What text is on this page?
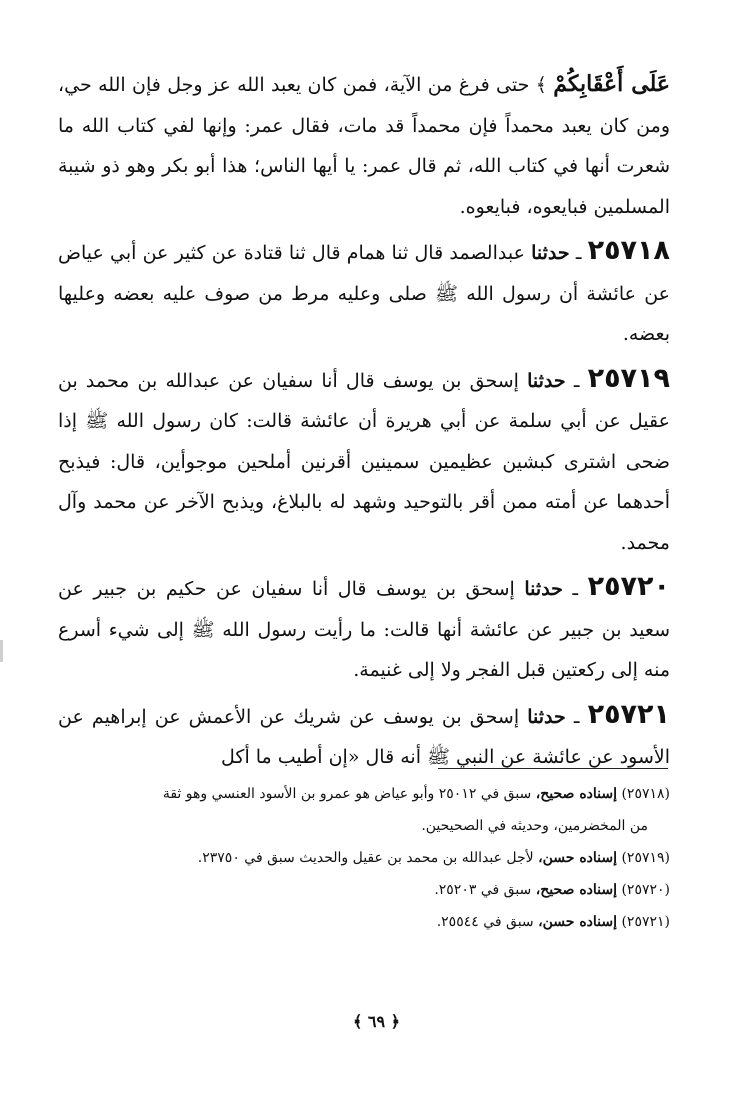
عَلَى أَعْقَابِكُمْ ﴾ حتى فرغ من الآية، فمن كان يعبد الله عز وجل فإن الله حي، ومن كان يعبد محمداً فإن محمداً قد مات، فقال عمر: وإنها لفي كتاب الله ما شعرت أنها في كتاب الله، ثم قال عمر: يا أيها الناس؛ هذا أبو بكر وهو ذو شيبة المسلمين فبايعوه، فبايعوه.

٢٥٧١٨ ـ حدثنا عبدالصمد قال ثنا همام قال ثنا قتادة عن كثير عن أبي عياض عن عائشة أن رسول الله ﷺ صلى وعليه مرط من صوف عليه بعضه وعليها بعضه.

٢٥٧١٩ ـ حدثنا إسحق بن يوسف قال أنا سفيان عن عبدالله بن محمد بن عقيل عن أبي سلمة عن أبي هريرة أن عائشة قالت: كان رسول الله ﷺ إذا ضحى اشترى كبشين عظيمين سمينين أقرنين أملحين موجوأين، قال: فيذبح أحدهما عن أمته ممن أقر بالتوحيد وشهد له بالبلاغ، ويذبح الآخر عن محمد وآل محمد.

٢٥٧٢٠ ـ حدثنا إسحق بن يوسف قال أنا سفيان عن حكيم بن جبير عن سعيد بن جبير عن عائشة أنها قالت: ما رأيت رسول الله ﷺ إلى شيء أسرع منه إلى ركعتين قبل الفجر ولا إلى غنيمة.

٢٥٧٢١ ـ حدثنا إسحق بن يوسف عن شريك عن الأعمش عن إبراهيم عن الأسود عن عائشة عن النبي ﷺ أنه قال «إن أطيب ما أكل

(٢٥٧١٨) إسناده صحيح، سبق في ٢٥٠١٢ وأبو عياض هو عمرو بن الأسود العنسي وهو ثقة

من المخضرمين، وحديثه في الصحيحين.

(٢٥٧١٩) إسناده حسن، لأجل عبدالله بن محمد بن عقيل والحديث سبق في ٢٣٧٥٠.

(٢٥٧٢٠) إسناده صحيح، سبق في ٢٥٢٠٣.

(٢٥٧٢١) إسناده حسن، سبق في ٢٥٥٤٤.

﴿ ٦٩ ﴾
